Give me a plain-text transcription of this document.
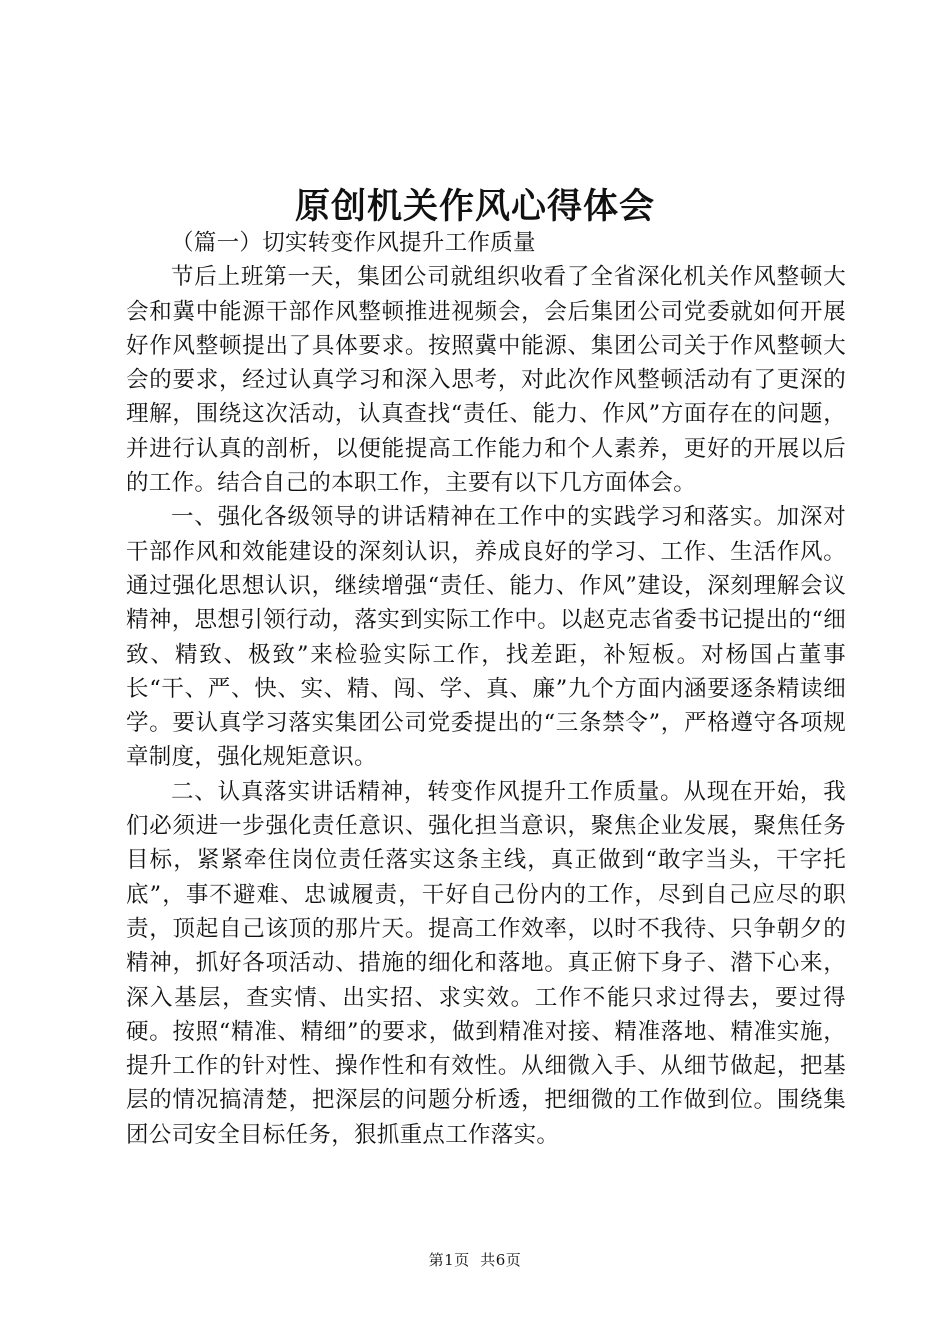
原创机关作风心得体会

（篇一）切实转变作风提升工作质量

节后上班第一天，集团公司就组织收看了全省深化机关作风整顿大会和冀中能源干部作风整顿推进视频会，会后集团公司党委就如何开展好作风整顿提出了具体要求。按照冀中能源、集团公司关于作风整顿大会的要求，经过认真学习和深入思考，对此次作风整顿活动有了更深的理解，围绕这次活动，认真查找“责任、能力、作风”方面存在的问题，并进行认真的剖析，以便能提高工作能力和个人素养，更好的开展以后的工作。结合自己的本职工作，主要有以下几方面体会。

一、强化各级领导的讲话精神在工作中的实践学习和落实。加深对干部作风和效能建设的深刻认识，养成良好的学习、工作、生活作风。通过强化思想认识，继续增强“责任、能力、作风”建设，深刻理解会议精神，思想引领行动，落实到实际工作中。以赵克志省委书记提出的“细致、精致、极致”来检验实际工作，找差距，补短板。对杨国占董事长“干、严、快、实、精、闯、学、真、廉”九个方面内涵要逐条精读细学。要认真学习落实集团公司党委提出的“三条禁令”，严格遵守各项规章制度，强化规矩意识。

二、认真落实讲话精神，转变作风提升工作质量。从现在开始，我们必须进一步强化责任意识、强化担当意识，聚焦企业发展，聚焦任务目标，紧紧牵住岗位责任落实这条主线，真正做到“敢字当头，干字托底”，事不避难、忠诚履责，干好自己份内的工作，尽到自己应尽的职责，顶起自己该顶的那片天。提高工作效率，以时不我待、只争朝夕的精神，抓好各项活动、措施的细化和落地。真正俯下身子、潜下心来，深入基层，查实情、出实招、求实效。工作不能只求过得去，要过得硬。按照“精准、精细”的要求，做到精准对接、精准落地、精准实施，提升工作的针对性、操作性和有效性。从细微入手、从细节做起，把基层的情况搞清楚，把深层的问题分析透，把细微的工作做到位。围绕集团公司安全目标任务，狠抓重点工作落实。

第1页 共6页
